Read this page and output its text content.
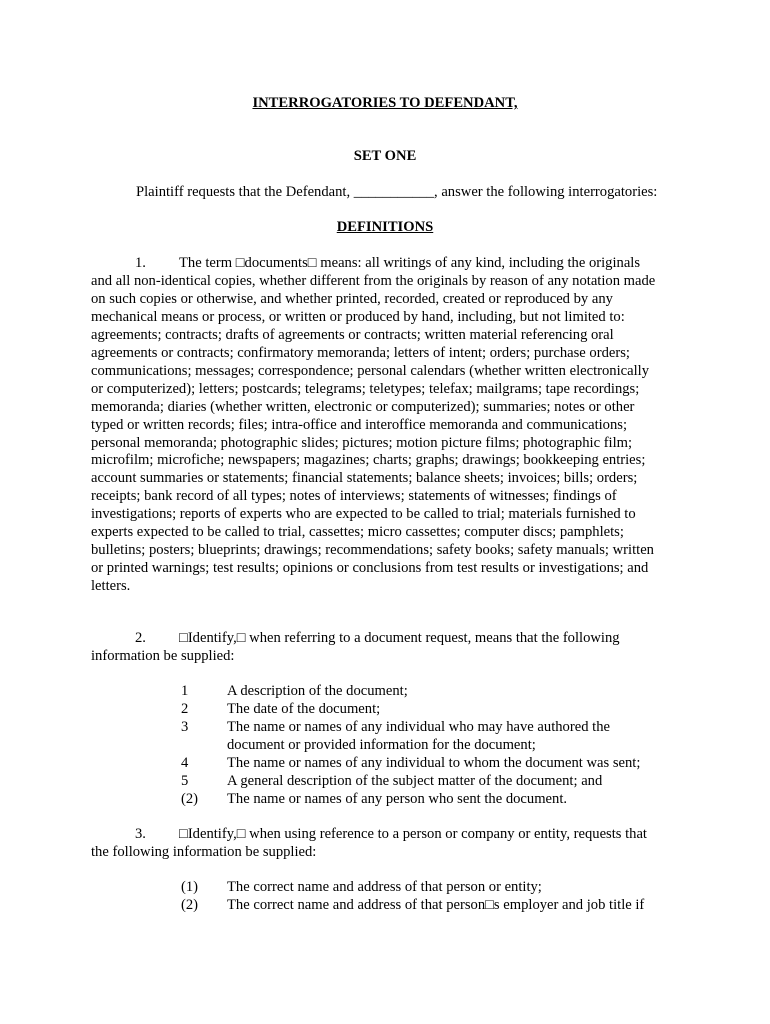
INTERROGATORIES TO DEFENDANT,
SET ONE

Plaintiff requests that the Defendant, ___________, answer the following interrogatories:

DEFINITIONS

1. The term □documents□ means: all writings of any kind, including the originals
and all non-identical copies, whether different from the originals by reason of any notation made
on such copies or otherwise, and whether printed, recorded, created or reproduced by any
mechanical means or process, or written or produced by hand, including, but not limited to:
agreements; contracts; drafts of agreements or contracts; written material referencing oral
agreements or contracts; confirmatory memoranda; letters of intent; orders; purchase orders;
communications; messages; correspondence; personal calendars (whether written electronically
or computerized); letters; postcards; telegrams; teletypes; telefax; mailgrams; tape recordings;
memoranda; diaries (whether written, electronic or computerized); summaries; notes or other
typed or written records; files; intra-office and interoffice memoranda and communications;
personal memoranda; photographic slides; pictures; motion picture films; photographic film;
microfilm; microfiche; newspapers; magazines; charts; graphs; drawings; bookkeeping entries;
account summaries or statements; financial statements; balance sheets; invoices; bills; orders;
receipts; bank record of all types; notes of interviews; statements of witnesses; findings of
investigations; reports of experts who are expected to be called to trial; materials furnished to
experts expected to be called to trial, cassettes; micro cassettes; computer discs; pamphlets;
bulletins; posters; blueprints; drawings; recommendations; safety books; safety manuals; written
or printed warnings; test results; opinions or conclusions from test results or investigations; and
letters.

2. □Identify,□ when referring to a document request, means that the following
information be supplied:

1	A description of the document;
2	The date of the document;
3	The name or names of any individual who may have authored the
document or provided information for the document;
4	The name or names of any individual to whom the document was sent;
5	A general description of the subject matter of the document; and
(2)	The name or names of any person who sent the document.

3. □Identify,□ when using reference to a person or company or entity, requests that
the following information be supplied:

(1)	The correct name and address of that person or entity;
(2)	The correct name and address of that person□s employer and job title if
